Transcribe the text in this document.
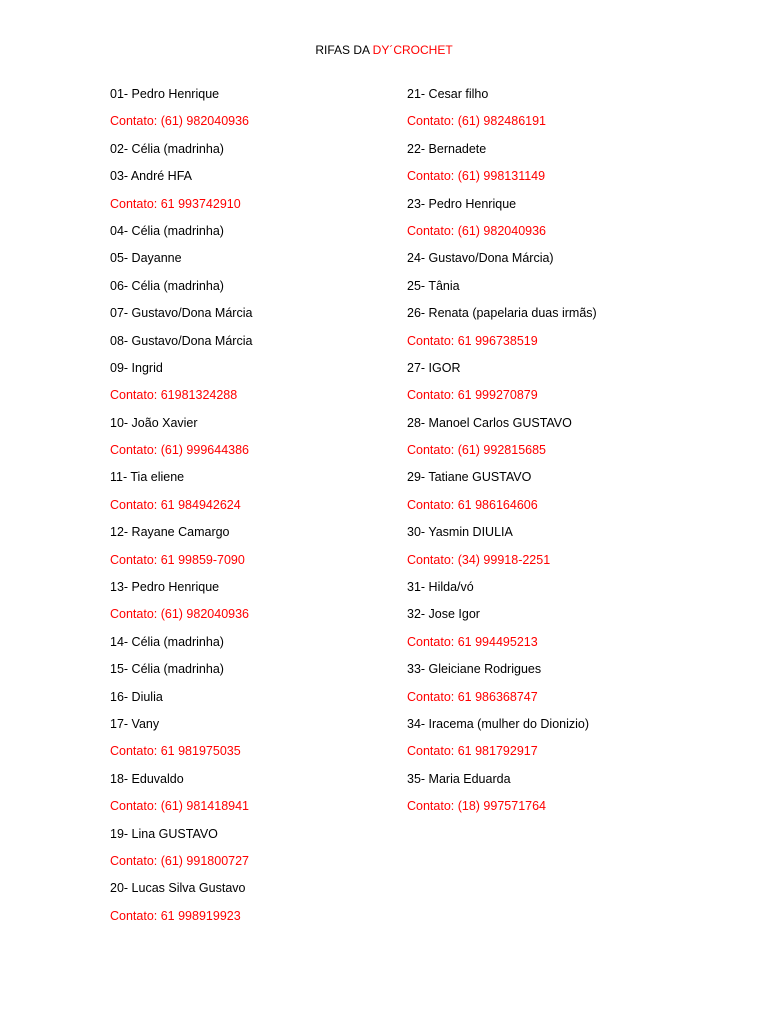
RIFAS DA DY´CROCHET
01- Pedro Henrique
Contato: (61) 982040936
02- Célia (madrinha)
03- André HFA
Contato: 61 993742910
04- Célia (madrinha)
05- Dayanne
06- Célia (madrinha)
07- Gustavo/Dona Márcia
08- Gustavo/Dona Márcia
09- Ingrid
Contato: 61981324288
10- João Xavier
Contato: (61) 999644386
11- Tia eliene
Contato: 61 984942624
12- Rayane Camargo
Contato: 61 99859-7090
13- Pedro Henrique
Contato: (61) 982040936
14- Célia (madrinha)
15- Célia (madrinha)
16- Diulia
17- Vany
Contato: 61 981975035
18- Eduvaldo
Contato: (61) 981418941
19- Lina GUSTAVO
Contato: (61) 991800727
20- Lucas Silva Gustavo
Contato: 61 998919923
21- Cesar filho
Contato: (61) 982486191
22- Bernadete
Contato: (61) 998131149
23- Pedro Henrique
Contato: (61) 982040936
24- Gustavo/Dona Márcia)
25- Tânia
26- Renata (papelaria duas irmãs)
Contato: 61 996738519
27- IGOR
Contato: 61 999270879
28- Manoel Carlos GUSTAVO
Contato: (61) 992815685
29- Tatiane GUSTAVO
Contato: 61 986164606
30- Yasmin DIULIA
Contato: (34) 99918-2251
31- Hilda/vó
32- Jose Igor
Contato: 61 994495213
33- Gleiciane Rodrigues
Contato: 61 986368747
34- Iracema (mulher do Dionizio)
Contato: 61 981792917
35- Maria Eduarda
Contato: (18) 997571764
